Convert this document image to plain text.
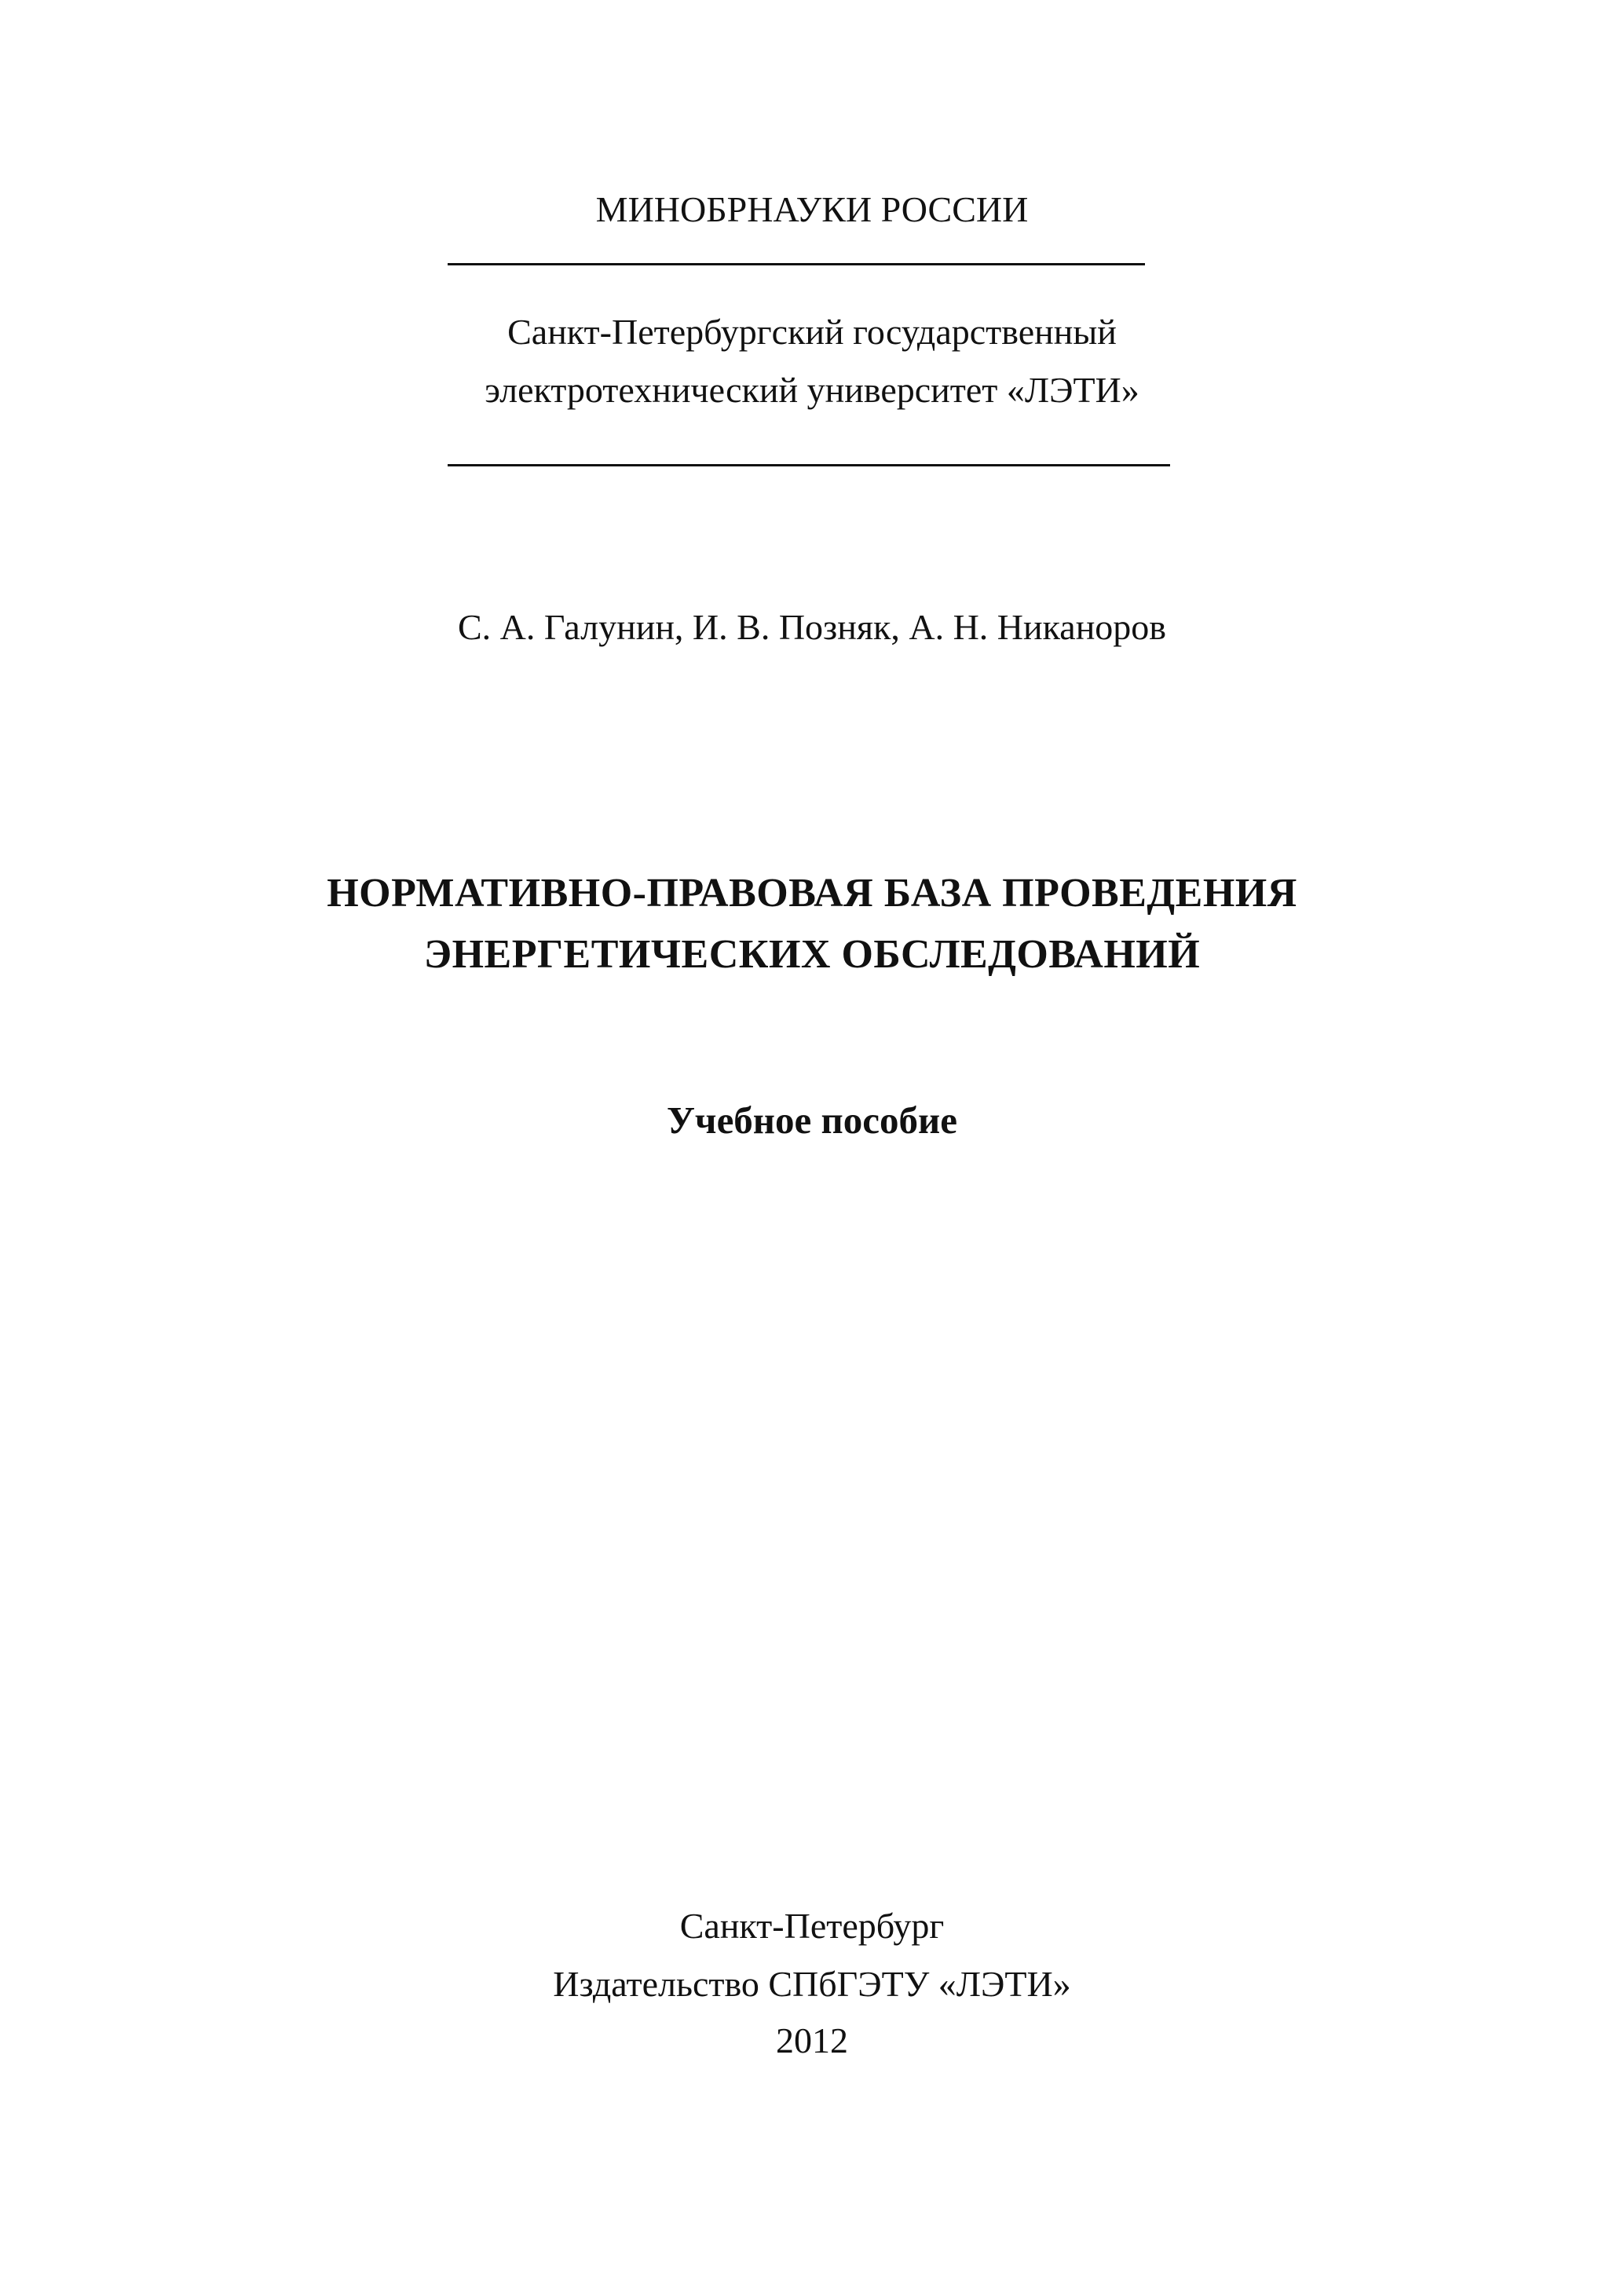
МИНОБРНАУКИ РОССИИ
Санкт-Петербургский государственный
электротехнический университет «ЛЭТИ»
С. А. Галунин, И. В. Позняк, А. Н. Никаноров
НОРМАТИВНО-ПРАВОВАЯ БАЗА ПРОВЕДЕНИЯ
ЭНЕРГЕТИЧЕСКИХ ОБСЛЕДОВАНИЙ
Учебное пособие
Санкт-Петербург
Издательство СПбГЭТУ «ЛЭТИ»
2012
